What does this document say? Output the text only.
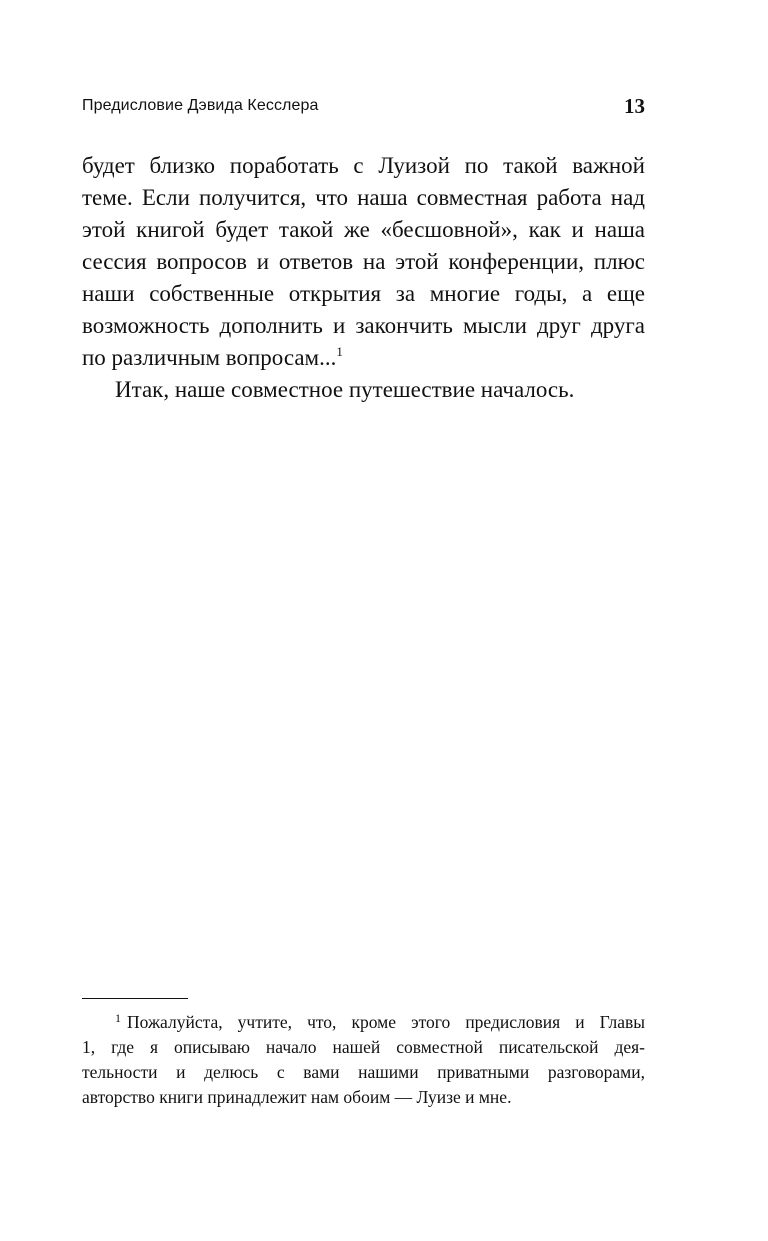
Предисловие Дэвида Кесслера	13

будет близко поработать с Луизой по такой важной
теме. Если получится, что наша совместная работа над
этой книгой будет такой же «бесшовной», как и наша
сессия вопросов и ответов на этой конференции, плюс
наши собственные открытия за многие годы, а еще
возможность дополнить и закончить мысли друг друга
по различным вопросам...$^1$

Итак, наше совместное путешествие началось.

$^1$ Пожалуйста, учтите, что, кроме этого предисловия и Главы
1, где я описываю начало нашей совместной писательской дея-
тельности и делюсь с вами нашими приватными разговорами,
авторство книги принадлежит нам обоим — Луизе и мне.
